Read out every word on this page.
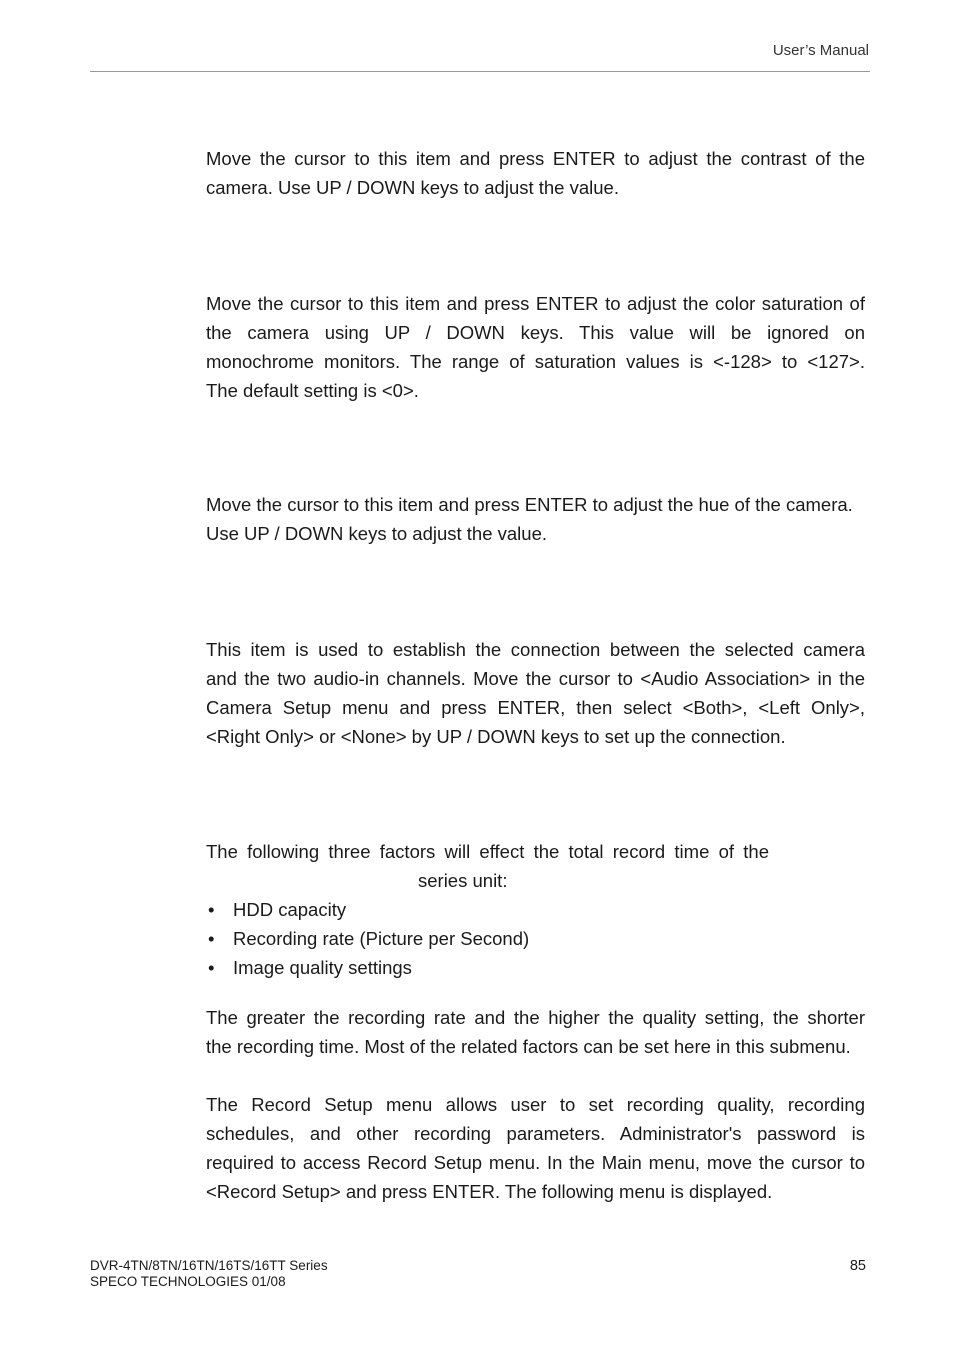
User’s Manual

Move the cursor to this item and press ENTER to adjust the contrast of the
camera. Use UP / DOWN keys to adjust the value.

Move the cursor to this item and press ENTER to adjust the color saturation of
the camera using UP / DOWN keys. This value will be ignored on
monochrome monitors. The range of saturation values is <-128> to <127>.
The default setting is <0>.

Move the cursor to this item and press ENTER to adjust the hue of the camera.
Use UP / DOWN keys to adjust the value.

This item is used to establish the connection between the selected camera
and the two audio-in channels. Move the cursor to <Audio Association> in the
Camera Setup menu and press ENTER, then select <Both>, <Left Only>,
<Right Only> or <None> by UP / DOWN keys to set up the connection.

The following three factors will effect the total record time of the
series unit:

• HDD capacity
• Recording rate (Picture per Second)
• Image quality settings

The greater the recording rate and the higher the quality setting, the shorter
the recording time. Most of the related factors can be set here in this submenu.

The Record Setup menu allows user to set recording quality, recording
schedules, and other recording parameters. Administrator's password is
required to access Record Setup menu. In the Main menu, move the cursor to
<Record Setup> and press ENTER. The following menu is displayed.

DVR-4TN/8TN/16TN/16TS/16TT Series
SPECO TECHNOLOGIES 01/08
85
